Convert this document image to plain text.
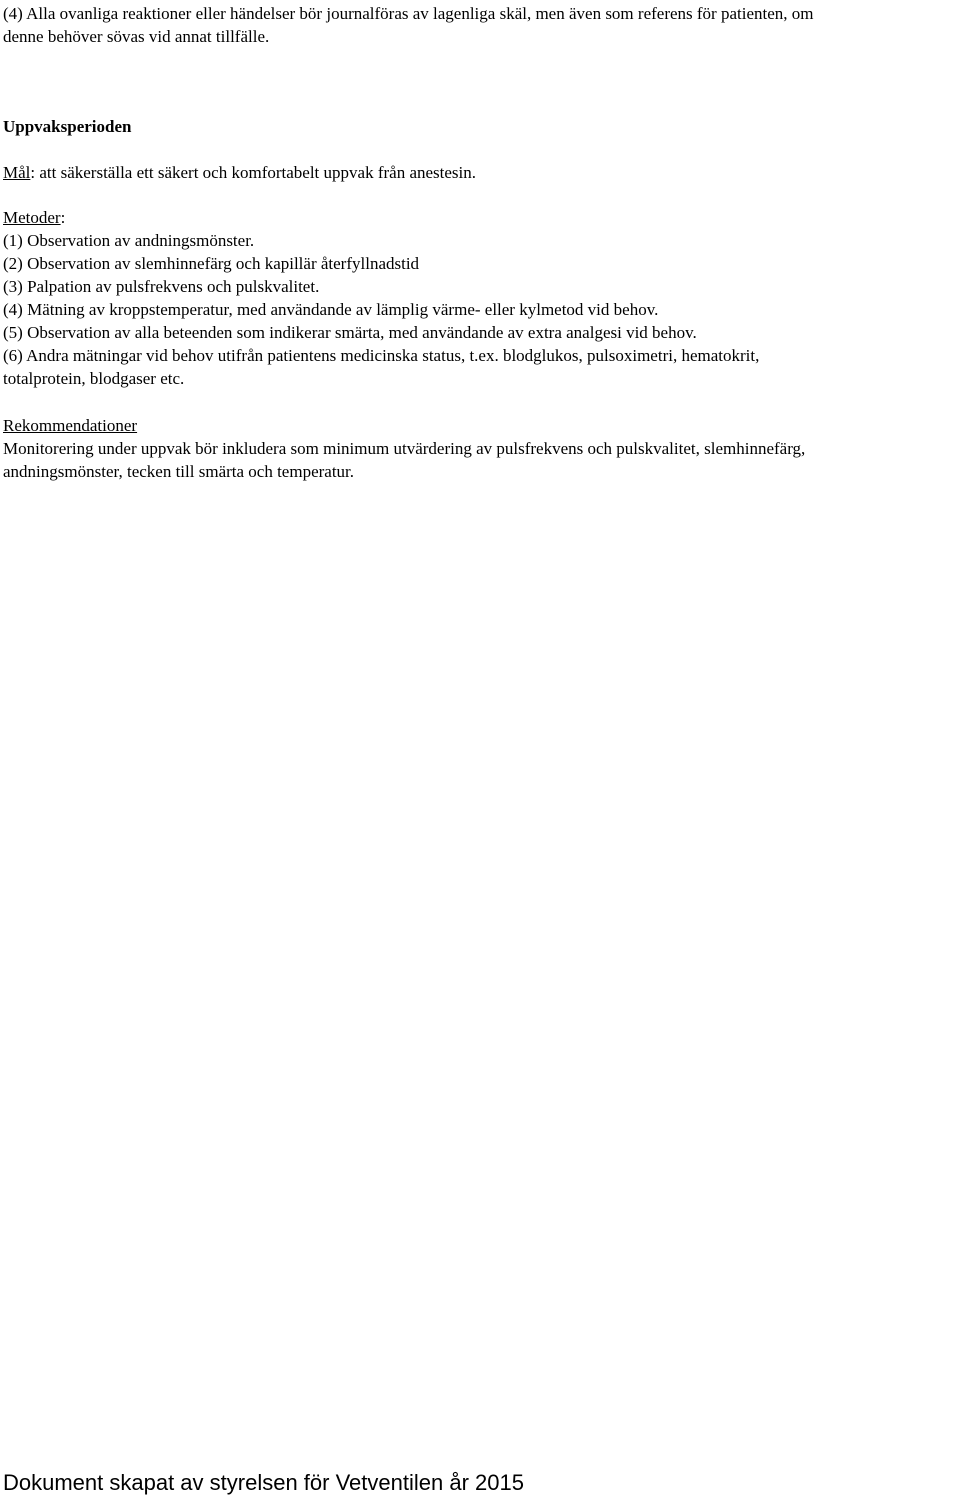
(4) Alla ovanliga reaktioner eller händelser bör journalföras av lagenliga skäl, men även som referens för patienten, om
denne behöver sövas vid annat tillfälle.
Uppvaksperioden
Mål: att säkerställa ett säkert och komfortabelt uppvak från anestesin.
Metoder:
(1) Observation av andningsmönster.
(2) Observation av slemhinnefärg och kapillär återfyllnadstid
(3) Palpation av pulsfrekvens och pulskvalitet.
(4) Mätning av kroppstemperatur, med användande av lämplig värme- eller kylmetod vid behov.
(5) Observation av alla beteenden som indikerar smärta, med användande av extra analgesi vid behov.
(6) Andra mätningar vid behov utifrån patientens medicinska status, t.ex. blodglukos, pulsoximetri, hematokrit,
totalprotein, blodgaser etc.
Rekommendationer
Monitorering under uppvak bör inkludera som minimum utvärdering av pulsfrekvens och pulskvalitet, slemhinnefärg,
andningsmönster, tecken till smärta och temperatur.
Dokument skapat av styrelsen för Vetventilen år 2015
